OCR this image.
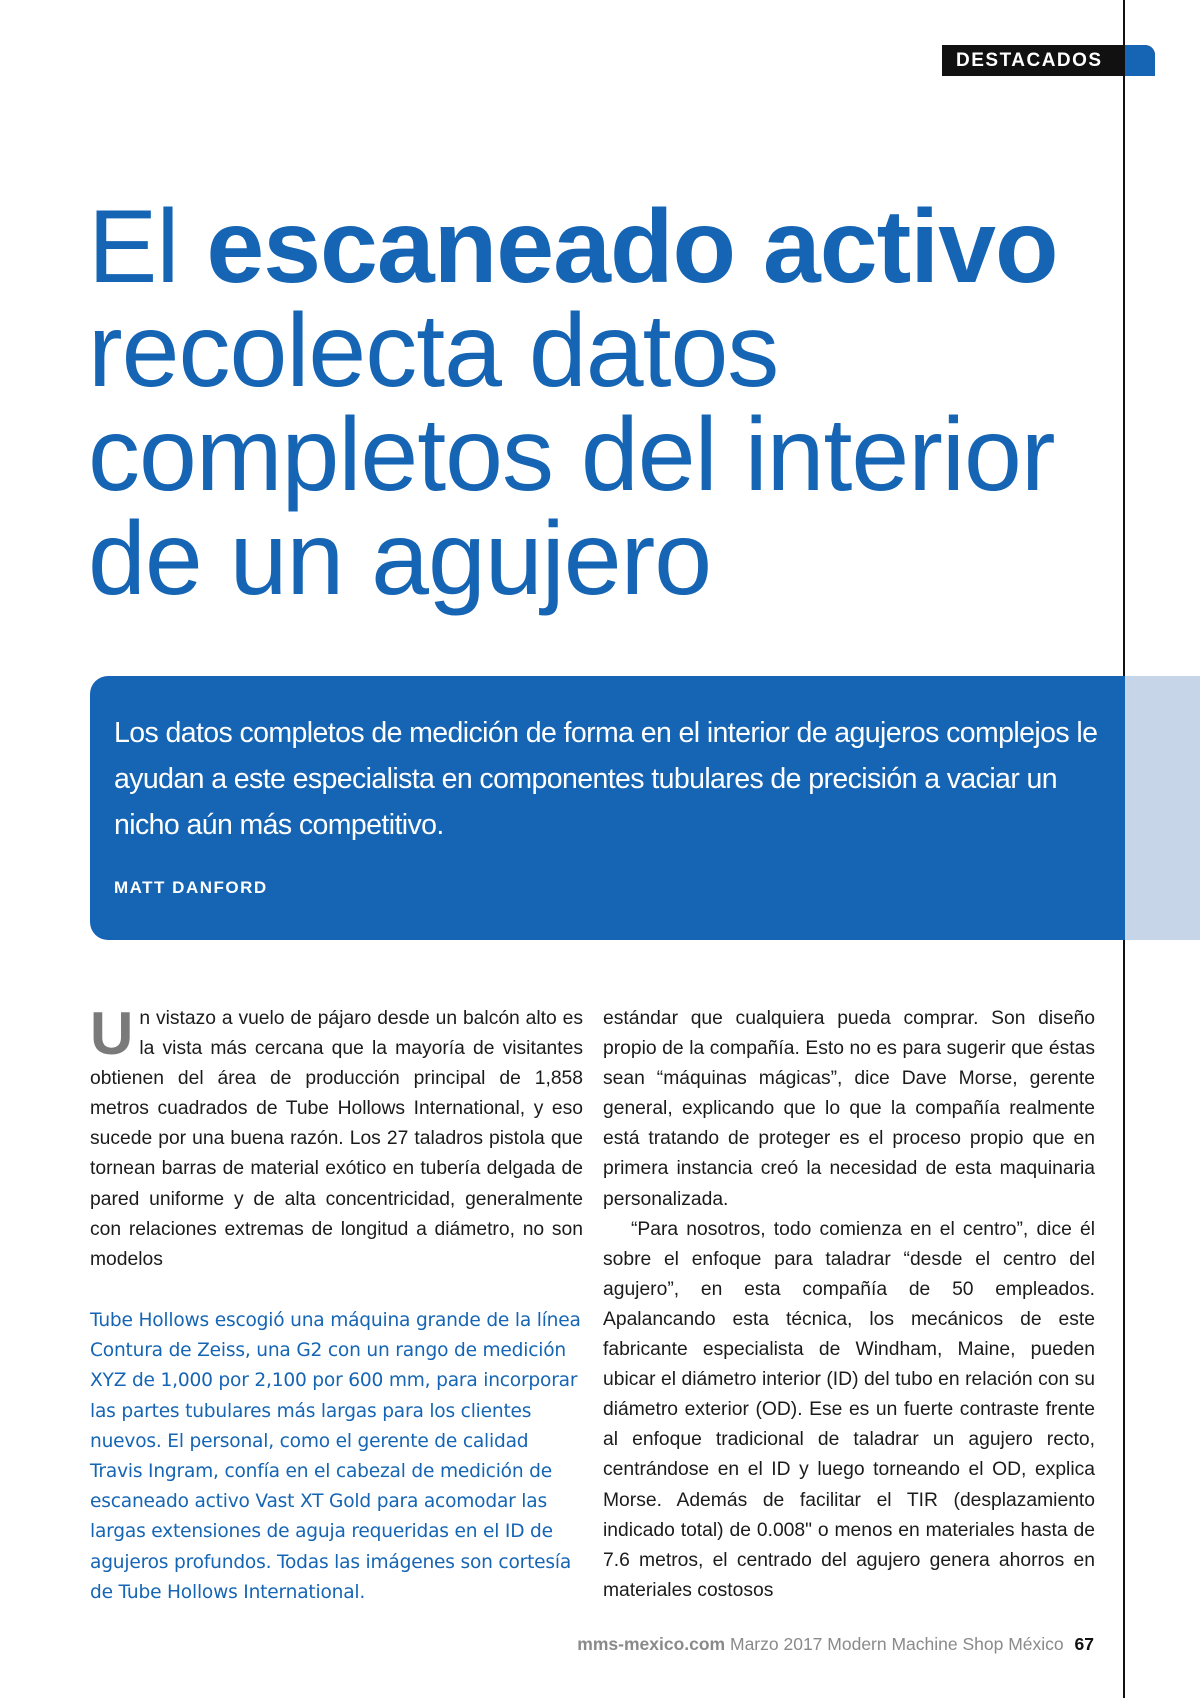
DESTACADOS
El escaneado activo
recolecta datos
completos del interior
de un agujero

Los datos completos de medición de forma en el interior de agujeros complejos le ayudan a este especialista en componentes tubulares de precisión a vaciar un nicho aún más competitivo.

MATT DANFORD

Un vistazo a vuelo de pájaro desde un balcón alto es la vista más cercana que la mayoría de visitantes obtienen del área de producción principal de 1,858 metros cuadrados de Tube Hollows International, y eso sucede por una buena razón. Los 27 taladros pistola que tornean barras de material exótico en tubería delgada de pared uniforme y de alta concentricidad, generalmente con relaciones extremas de longitud a diámetro, no son modelos

Tube Hollows escogió una máquina grande de la línea Contura de Zeiss, una G2 con un rango de medición XYZ de 1,000 por 2,100 por 600 mm, para incorporar las partes tubulares más largas para los clientes nuevos. El personal, como el gerente de calidad Travis Ingram, confía en el cabezal de medición de escaneado activo Vast XT Gold para acomodar las largas extensiones de aguja requeridas en el ID de agujeros profundos. Todas las imágenes son cortesía de Tube Hollows International.

estándar que cualquiera pueda comprar. Son diseño propio de la compañía. Esto no es para sugerir que éstas sean “máquinas mágicas”, dice Dave Morse, gerente general, explicando que lo que la compañía realmente está tratando de proteger es el proceso propio que en primera instancia creó la necesidad de esta maquinaria personalizada.

“Para nosotros, todo comienza en el centro”, dice él sobre el enfoque para taladrar “desde el centro del agujero”, en esta compañía de 50 empleados. Apalancando esta técnica, los mecánicos de este fabricante especialista de Windham, Maine, pueden ubicar el diámetro interior (ID) del tubo en relación con su diámetro exterior (OD). Ese es un fuerte contraste frente al enfoque tradicional de taladrar un agujero recto, centrándose en el ID y luego torneando el OD, explica Morse. Además de facilitar el TIR (desplazamiento indicado total) de 0.008" o menos en materiales hasta de 7.6 metros, el centrado del agujero genera ahorros en materiales costosos

mms-mexico.com Marzo 2017 Modern Machine Shop México 67
